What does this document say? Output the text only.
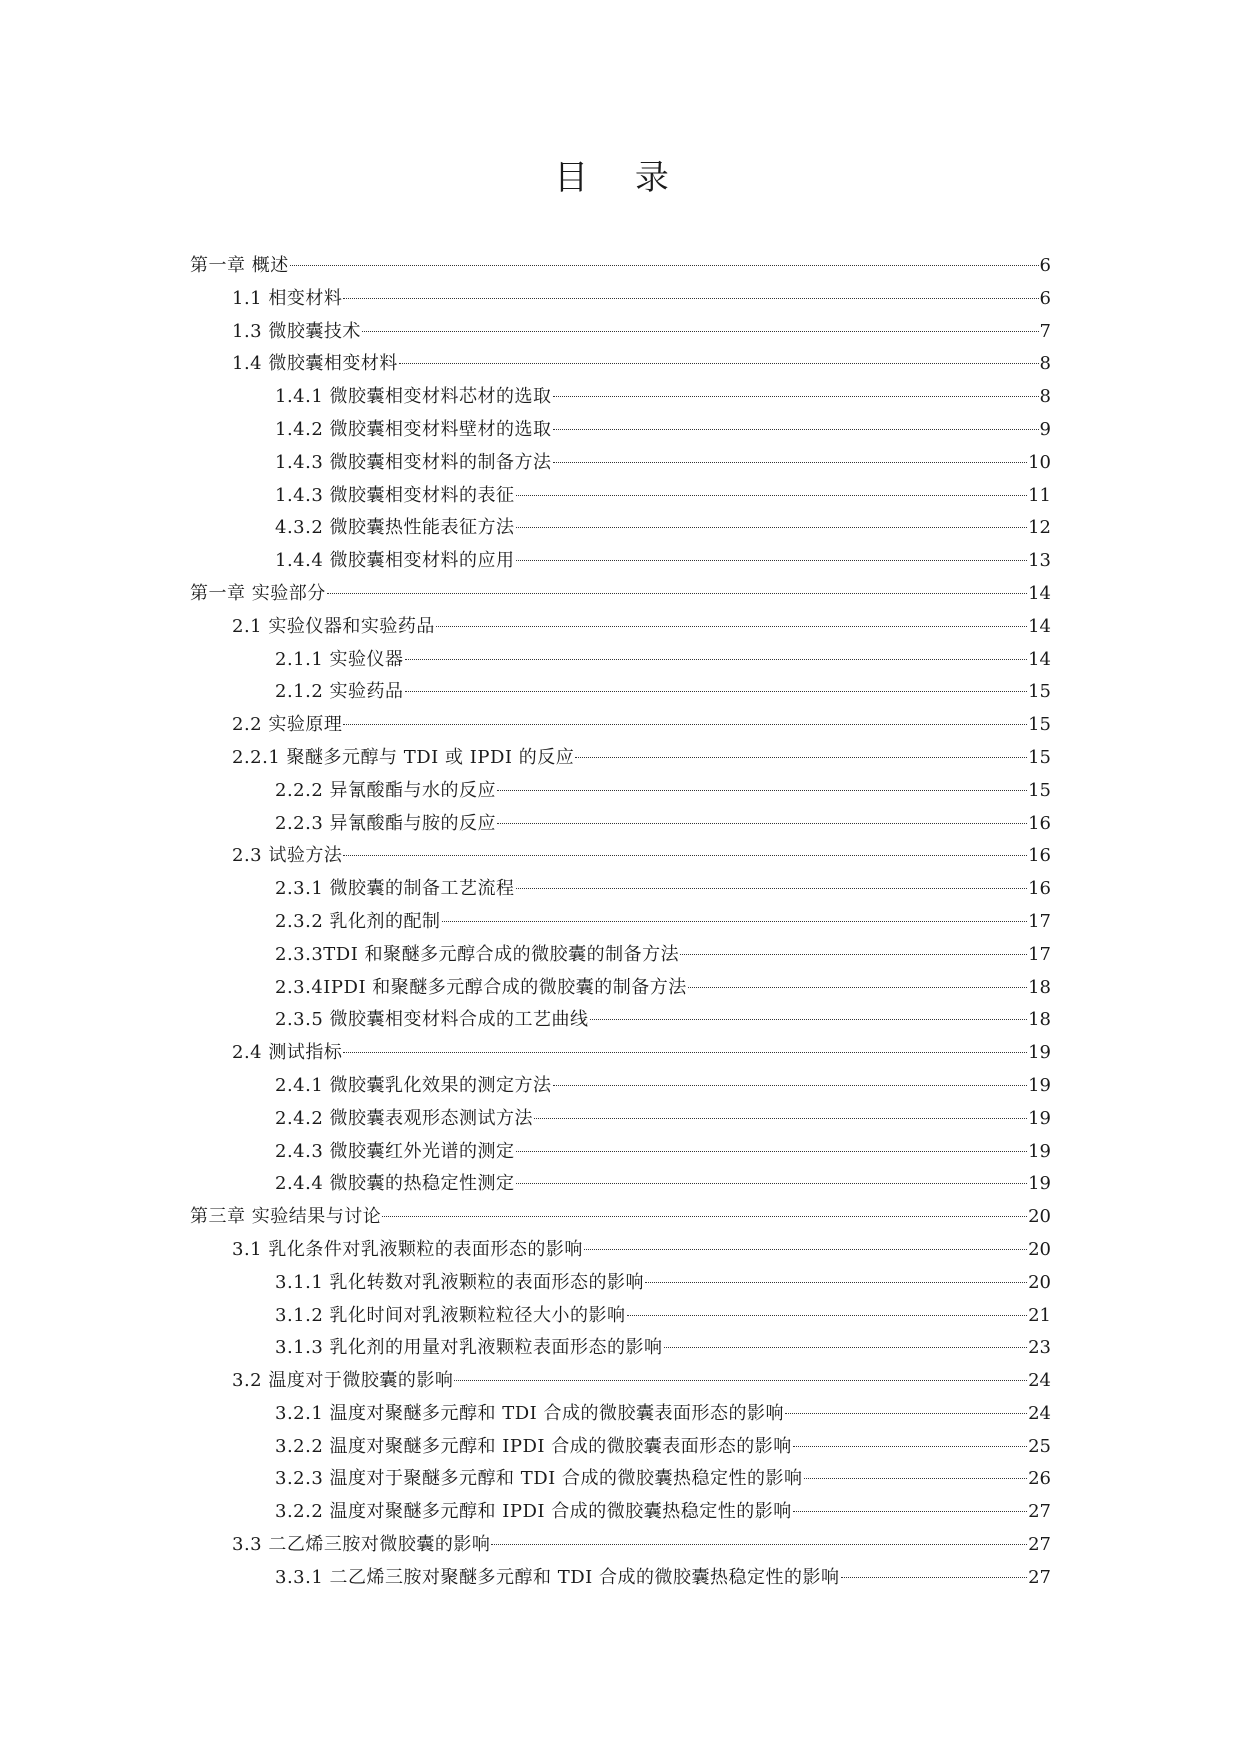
目 录
第一章 概述	6
1.1 相变材料	6
1.3 微胶囊技术	7
1.4 微胶囊相变材料	8
1.4.1 微胶囊相变材料芯材的选取	8
1.4.2 微胶囊相变材料壁材的选取	9
1.4.3 微胶囊相变材料的制备方法	10
1.4.3 微胶囊相变材料的表征	11
4.3.2 微胶囊热性能表征方法	12
1.4.4 微胶囊相变材料的应用	13
第一章 实验部分	14
2.1 实验仪器和实验药品	14
2.1.1 实验仪器	14
2.1.2 实验药品	15
2.2 实验原理	15
2.2.1 聚醚多元醇与 TDI 或 IPDI 的反应	15
2.2.2 异氰酸酯与水的反应	15
2.2.3 异氰酸酯与胺的反应	16
2.3 试验方法	16
2.3.1 微胶囊的制备工艺流程	16
2.3.2 乳化剂的配制	17
2.3.3TDI 和聚醚多元醇合成的微胶囊的制备方法	17
2.3.4IPDI 和聚醚多元醇合成的微胶囊的制备方法	18
2.3.5 微胶囊相变材料合成的工艺曲线	18
2.4 测试指标	19
2.4.1 微胶囊乳化效果的测定方法	19
2.4.2 微胶囊表观形态测试方法	19
2.4.3 微胶囊红外光谱的测定	19
2.4.4 微胶囊的热稳定性测定	19
第三章 实验结果与讨论	20
3.1 乳化条件对乳液颗粒的表面形态的影响	20
3.1.1 乳化转数对乳液颗粒的表面形态的影响	20
3.1.2 乳化时间对乳液颗粒粒径大小的影响	21
3.1.3 乳化剂的用量对乳液颗粒表面形态的影响	23
3.2 温度对于微胶囊的影响	24
3.2.1 温度对聚醚多元醇和 TDI 合成的微胶囊表面形态的影响	24
3.2.2 温度对聚醚多元醇和 IPDI 合成的微胶囊表面形态的影响	25
3.2.3 温度对于聚醚多元醇和 TDI 合成的微胶囊热稳定性的影响	26
3.2.2 温度对聚醚多元醇和 IPDI 合成的微胶囊热稳定性的影响	27
3.3 二乙烯三胺对微胶囊的影响	27
3.3.1 二乙烯三胺对聚醚多元醇和 TDI 合成的微胶囊热稳定性的影响	27
